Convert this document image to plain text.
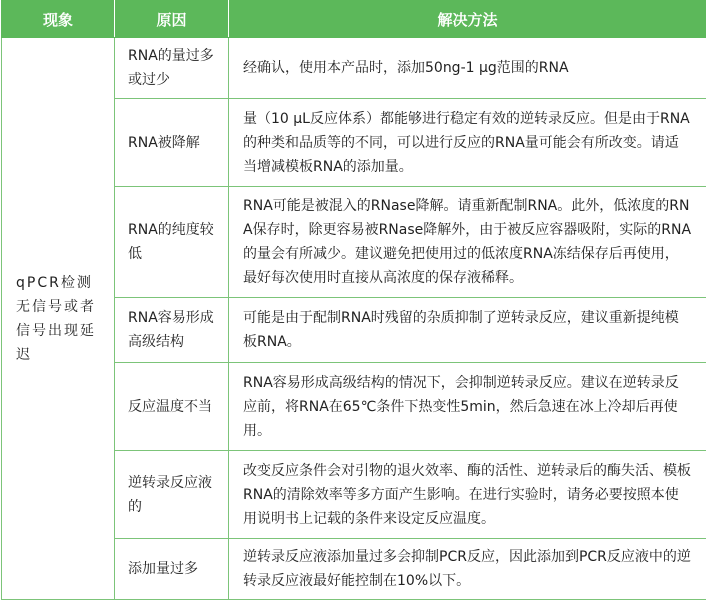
现象	原因	解决方法
qPCR检测无信号或者信号出现延迟	RNA的量过多或过少	经确认，使用本产品时，添加50ng-1 μg范围的RNA
	RNA被降解	量（10 μL反应体系）都能够进行稳定有效的逆转录反应。但是由于RNA的种类和品质等的不同，可以进行反应的RNA量可能会有所改变。请适当增减模板RNA的添加量。
	RNA的纯度较低	RNA可能是被混入的RNase降解。请重新配制RNA。此外，低浓度的RNA保存时，除更容易被RNase降解外，由于被反应容器吸附，实际的RNA的量会有所减少。建议避免把使用过的低浓度RNA冻结保存后再使用，最好每次使用时直接从高浓度的保存液稀释。
	RNA容易形成高级结构	可能是由于配制RNA时残留的杂质抑制了逆转录反应，建议重新提纯模板RNA。
	反应温度不当	RNA容易形成高级结构的情况下，会抑制逆转录反应。建议在逆转录反应前，将RNA在65℃条件下热变性5min，然后急速在冰上冷却后再使用。
	逆转录反应液的	改变反应条件会对引物的退火效率、酶的活性、逆转录后的酶失活、模板RNA的清除效率等多方面产生影响。在进行实验时，请务必要按照本使用说明书上记载的条件来设定反应温度。
	添加量过多	逆转录反应液添加量过多会抑制PCR反应，因此添加到PCR反应液中的逆转录反应液最好能控制在10%以下。
